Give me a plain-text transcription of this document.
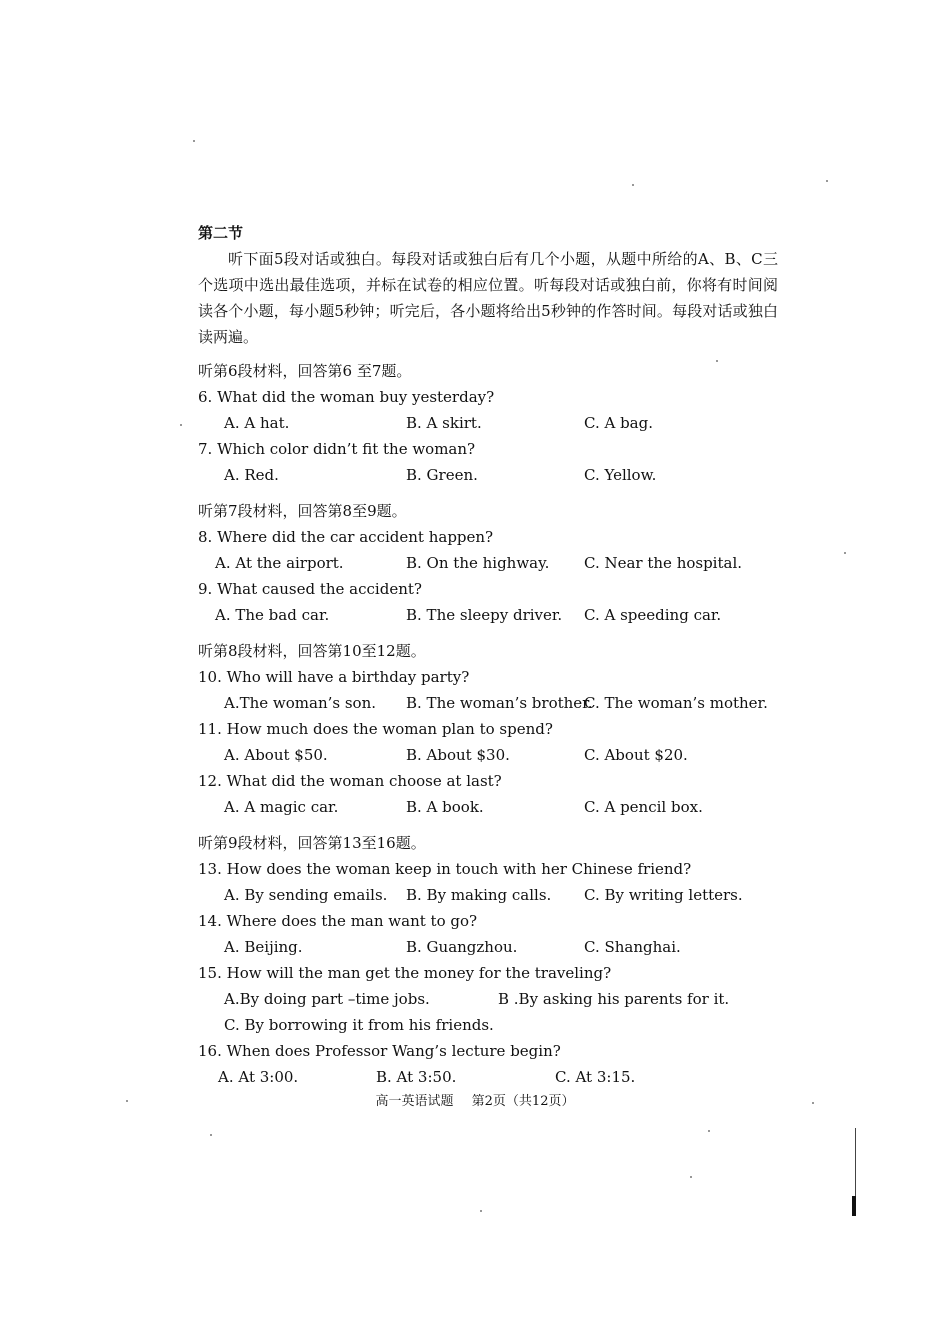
第二节
听下面5段对话或独白。每段对话或独白后有几个小题，从题中所给的A、B、C三个选项中选出最佳选项，并标在试卷的相应位置。听每段对话或独白前，你将有时间阅读各个小题，每小题5秒钟；听完后，各小题将给出5秒钟的作答时间。每段对话或独白读两遍。
听第6段材料，回答第6 至7题。
6. What did the woman buy yesterday?
A. A hat.	B. A skirt.	C. A bag.
7. Which color didn’t fit the woman?
A. Red.	B. Green.	C. Yellow.
听第7段材料，回答第8至9题。
8. Where did the car accident happen?
A. At the airport.	B. On the highway. C. Near the hospital.
9. What caused the accident?
A. The bad car.	B. The sleepy driver. C. A speeding car.
听第8段材料，回答第10至12题。
10. Who will have a birthday party?
A.The woman’s son. B. The woman’s brother.
C. The woman’s mother.
11. How much does the woman plan to spend?
A. About $50.	B. About $30.	C. About $20.
12. What did the woman choose at last?
A. A magic car.	B. A book.	C. A pencil box.
听第9段材料，回答第13至16题。
13. How does the woman keep in touch with her Chinese friend?
A. By sending emails. B. By making calls. C. By writing letters.
14. Where does the man want to go?
A. Beijing.	B. Guangzhou.	C. Shanghai.
15. How will the man get the money for the traveling?
A.By doing part –time jobs.	B .By asking his parents for it.
C. By borrowing it from his friends.
16. When does Professor Wang’s lecture begin?
A. At 3:00.	B. At 3:50.	C. At 3:15.
高一英语试题 第2页（共12页）
